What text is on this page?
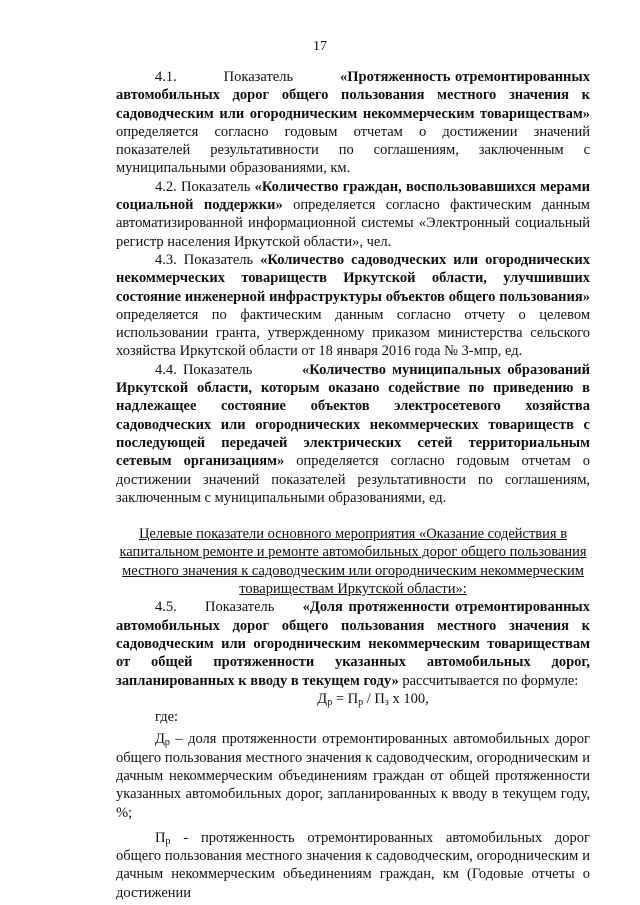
17

4.1.          Показатель          «Протяженность отремонтированных автомобильных дорог общего пользования местного значения к садоводческим или огородническим некоммерческим товариществам» определяется согласно годовым отчетам о достижении значений показателей результативности по соглашениям, заключенным с муниципальными образованиями, км.

4.2. Показатель «Количество граждан, воспользовавшихся мерами социальной поддержки» определяется согласно фактическим данным автоматизированной информационной системы «Электронный социальный регистр населения Иркутской области», чел.

4.3. Показатель «Количество садоводческих или огороднических некоммерческих товариществ Иркутской области, улучшивших состояние инженерной инфраструктуры объектов общего пользования» определяется по фактическим данным согласно отчету о целевом использовании гранта, утвержденному приказом министерства сельского хозяйства Иркутской области от 18 января 2016 года № 3-мпр, ед.

4.4. Показатель        «Количество муниципальных образований Иркутской области, которым оказано содействие по приведению в надлежащее состояние объектов электросетевого хозяйства садоводческих или огороднических некоммерческих товариществ с последующей передачей электрических сетей территориальным сетевым организациям» определяется согласно годовым отчетам о достижении значений показателей результативности по соглашениям, заключенным с муниципальными образованиями, ед.

Целевые показатели основного мероприятия «Оказание содействия в капитальном ремонте и ремонте автомобильных дорог общего пользования местного значения к садоводческим или огородническим некоммерческим товариществам Иркутской области»:

4.5.     Показатель     «Доля протяженности отремонтированных автомобильных дорог общего пользования местного значения к садоводческим или огородническим некоммерческим товариществам от общей протяженности указанных автомобильных дорог, запланированных к вводу в текущем году» рассчитывается по формуле:

$Д_р = П_р / П_з$ х 100,

где:

$Д_р$ – доля протяженности отремонтированных автомобильных дорог общего пользования местного значения к садоводческим, огородническим и дачным некоммерческим объединениям граждан от общей протяженности указанных автомобильных дорог, запланированных к вводу в текущем году, %;

$П_р$ - протяженность отремонтированных автомобильных дорог общего пользования местного значения к садоводческим, огородническим и дачным некоммерческим объединениям граждан, км (Годовые отчеты о достижении
